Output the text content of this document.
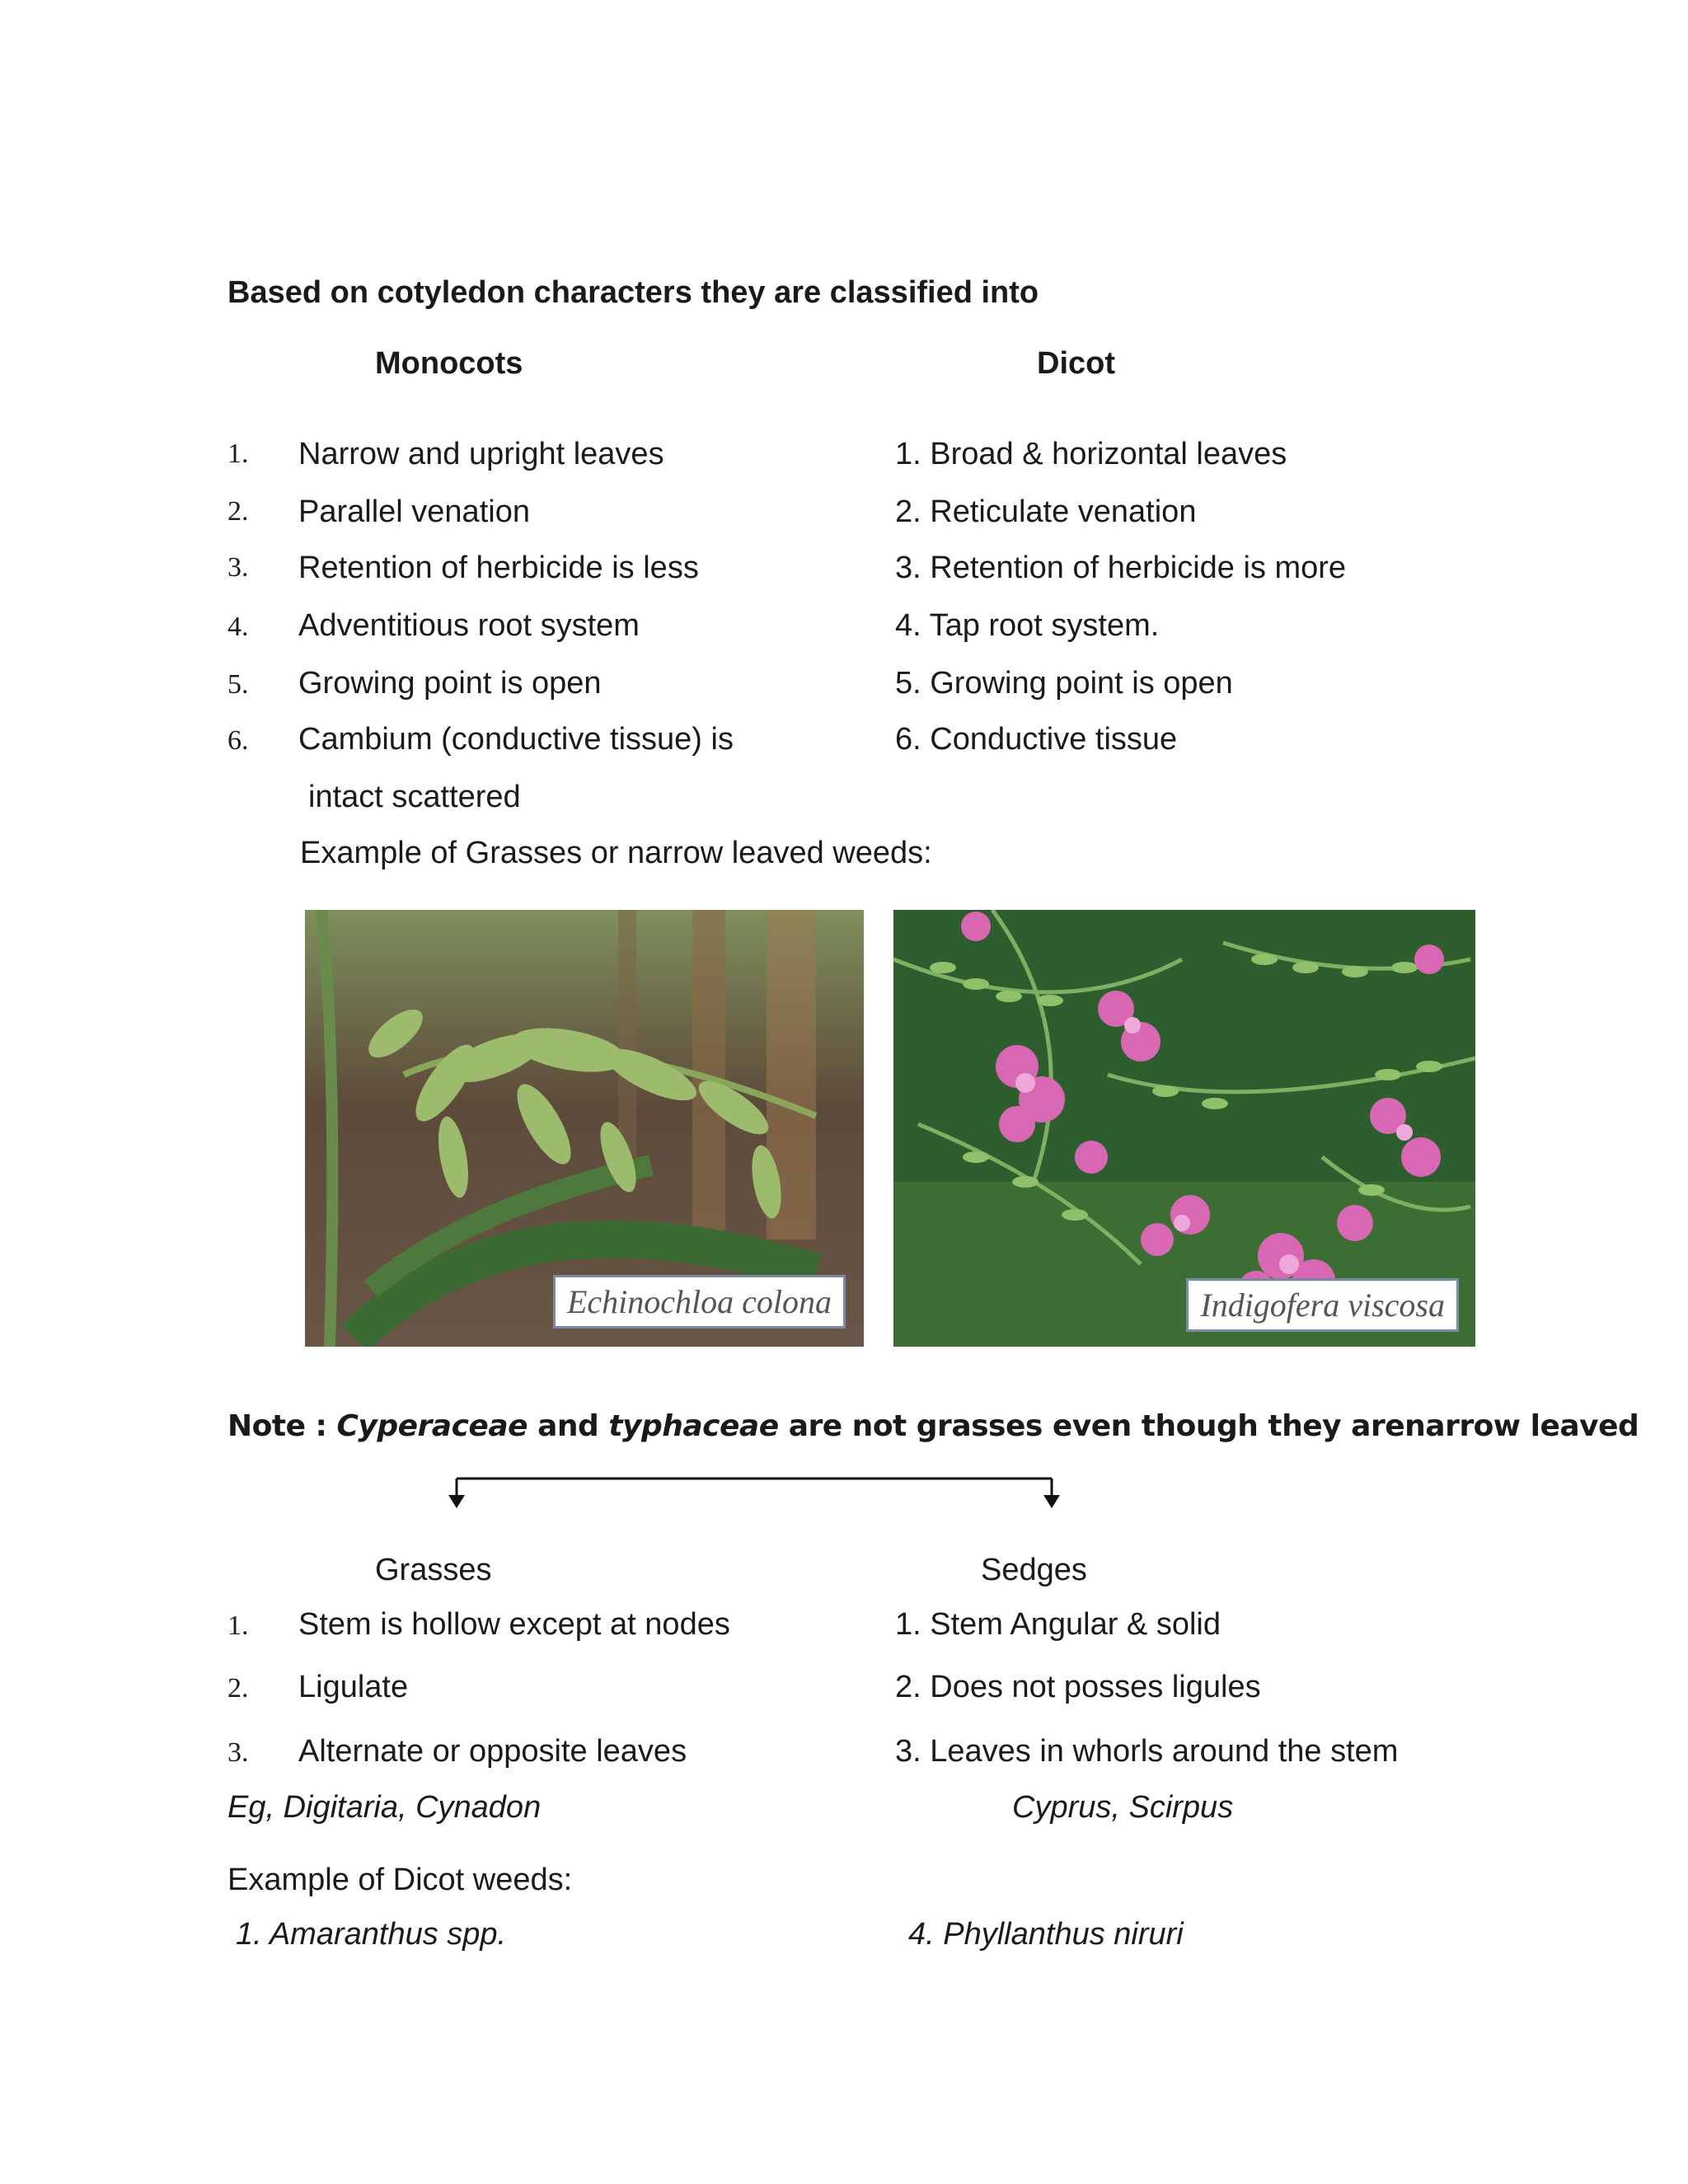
Based on cotyledon characters they are classified into
Monocots	Dicot
1. Narrow and upright leaves	1. Broad & horizontal leaves
2. Parallel venation	2. Reticulate venation
3. Retention of herbicide is less	3. Retention of herbicide is more
4. Adventitious root system	4. Tap root system.
5. Growing point is open	5. Growing point is open
6. Cambium (conductive tissue) is	6. Conductive tissue
intact scattered
Example of Grasses or narrow leaved weeds:
Echinochloa colona	Indigofera viscosa
Note : Cyperaceae and typhaceae are not grasses even though they arenarrow leaved
Grasses	Sedges
1. Stem is hollow except at nodes	1. Stem Angular & solid
2. Ligulate	2. Does not posses ligules
3. Alternate or opposite leaves	3. Leaves in whorls around the stem
Eg, Digitaria, Cynadon	Cyprus, Scirpus
Example of Dicot weeds:
1. Amaranthus spp.	4. Phyllanthus niruri
